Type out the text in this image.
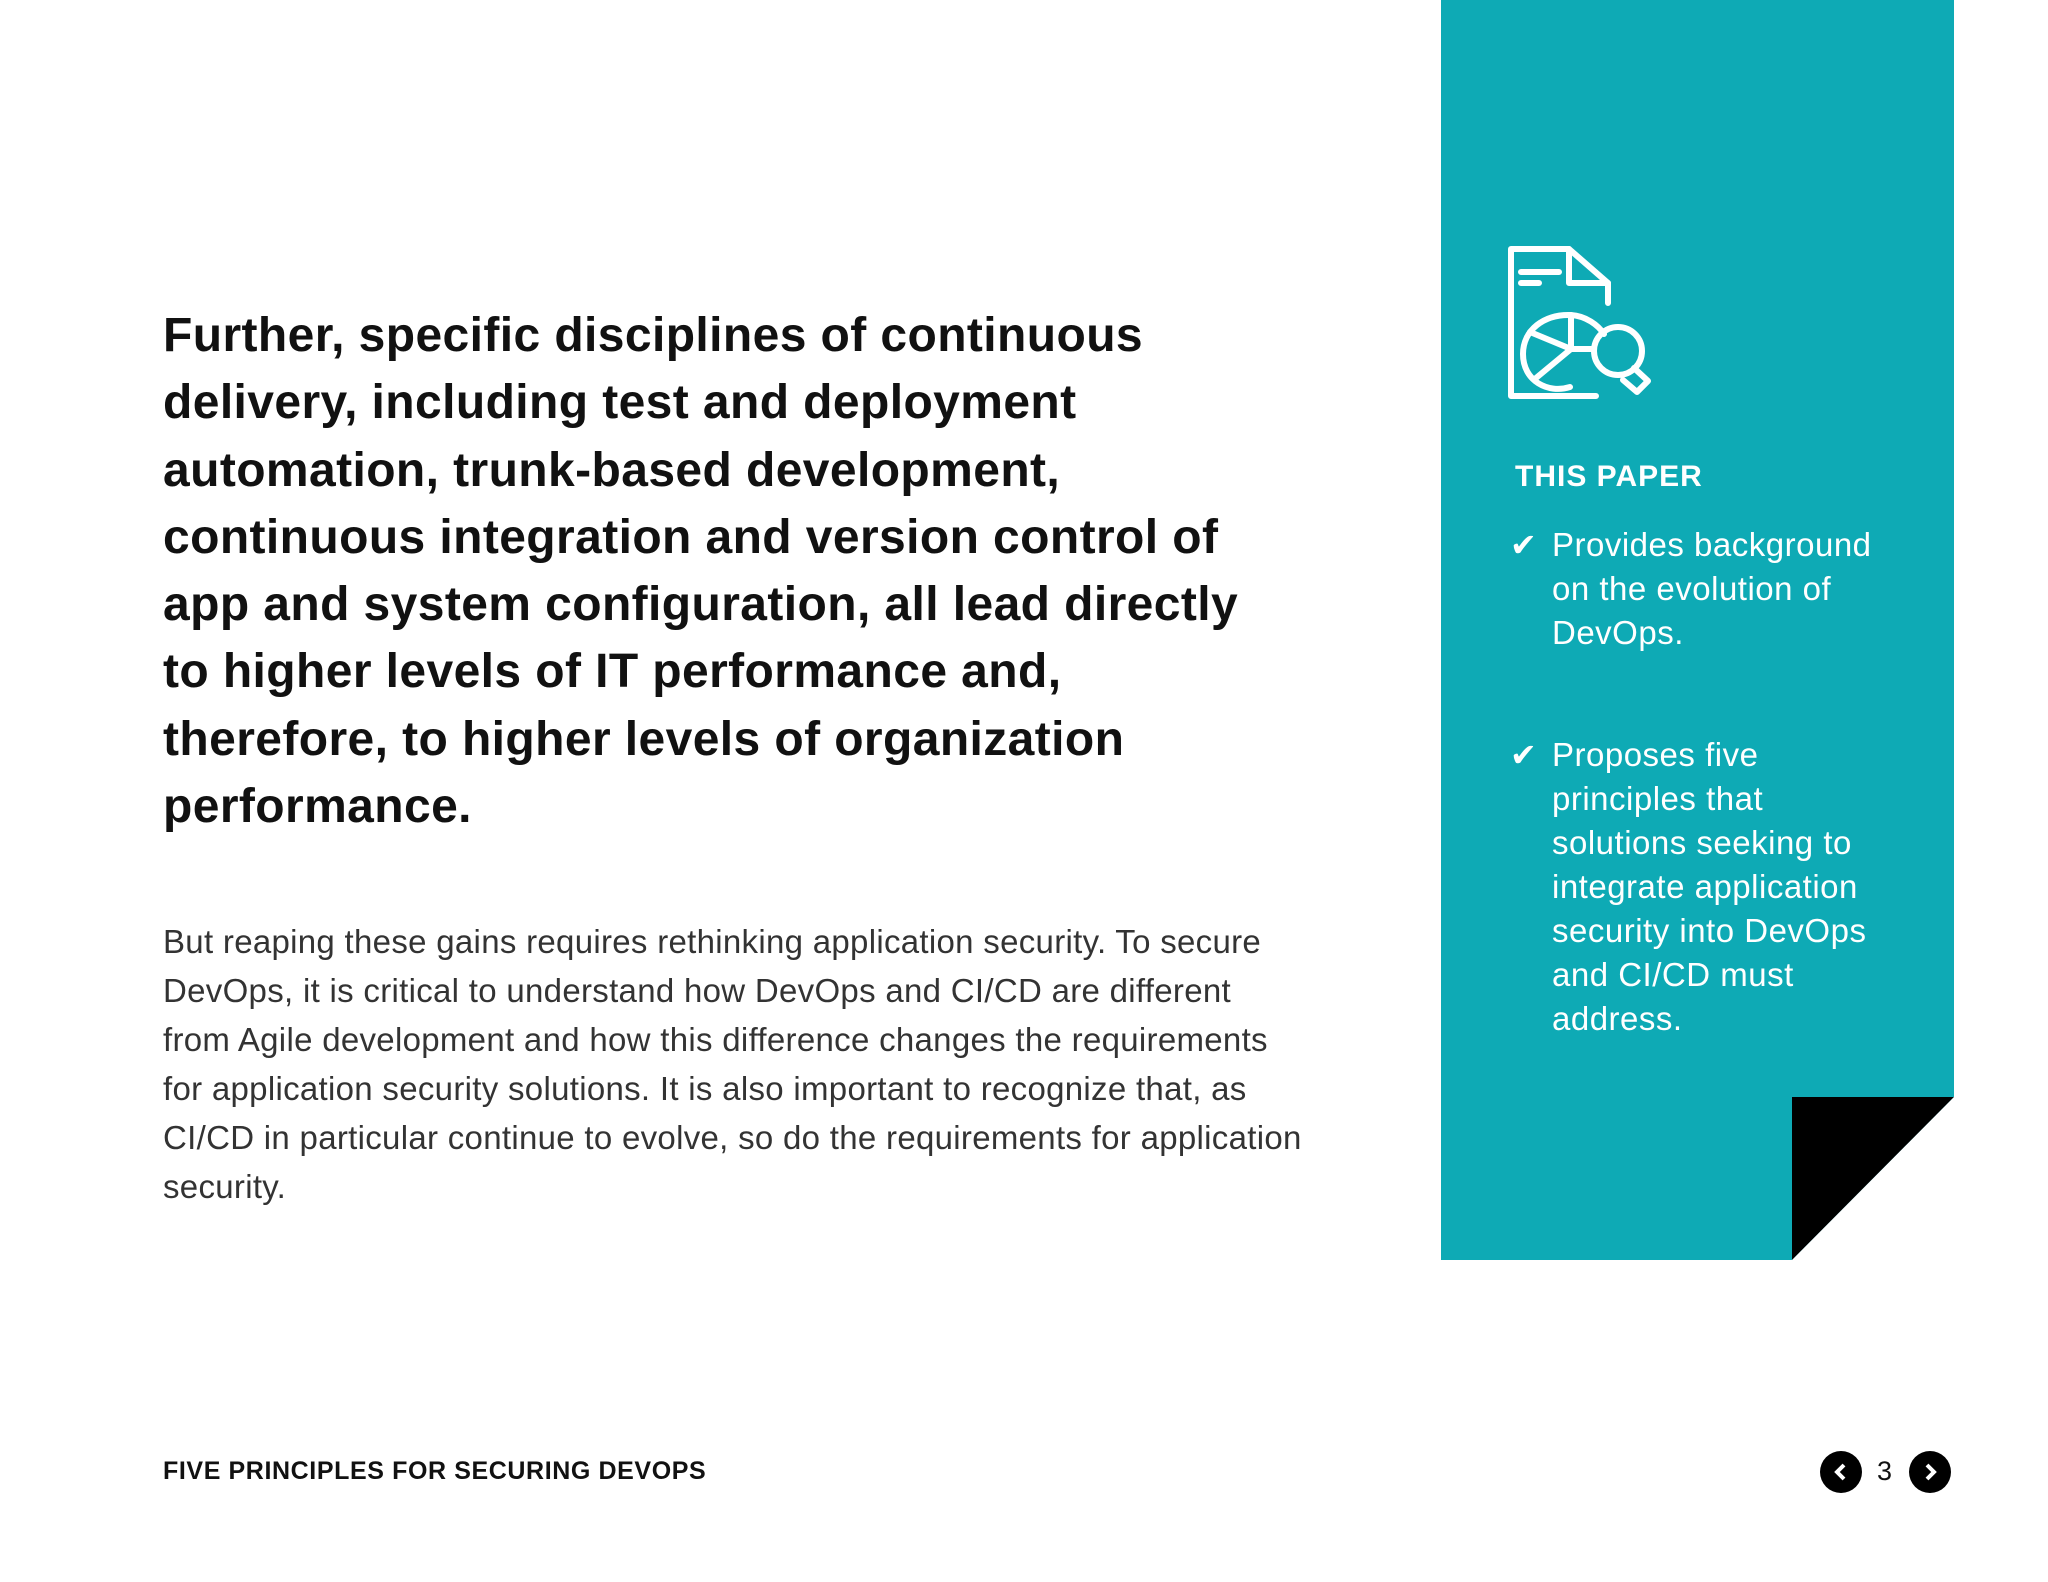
Further, specific disciplines of continuous delivery, including test and deployment automation, trunk-based development, continuous integration and version control of app and system configuration, all lead directly to higher levels of IT performance and, therefore, to higher levels of organization performance.
But reaping these gains requires rethinking application security. To secure DevOps, it is critical to understand how DevOps and CI/CD are different from Agile development and how this difference changes the requirements for application security solutions. It is also important to recognize that, as CI/CD in particular continue to evolve, so do the requirements for application security.
THIS PAPER
✔ Provides background on the evolution of DevOps.
✔ Proposes five principles that solutions seeking to integrate application security into DevOps and CI/CD must address.
FIVE PRINCIPLES FOR SECURING DEVOPS	3
